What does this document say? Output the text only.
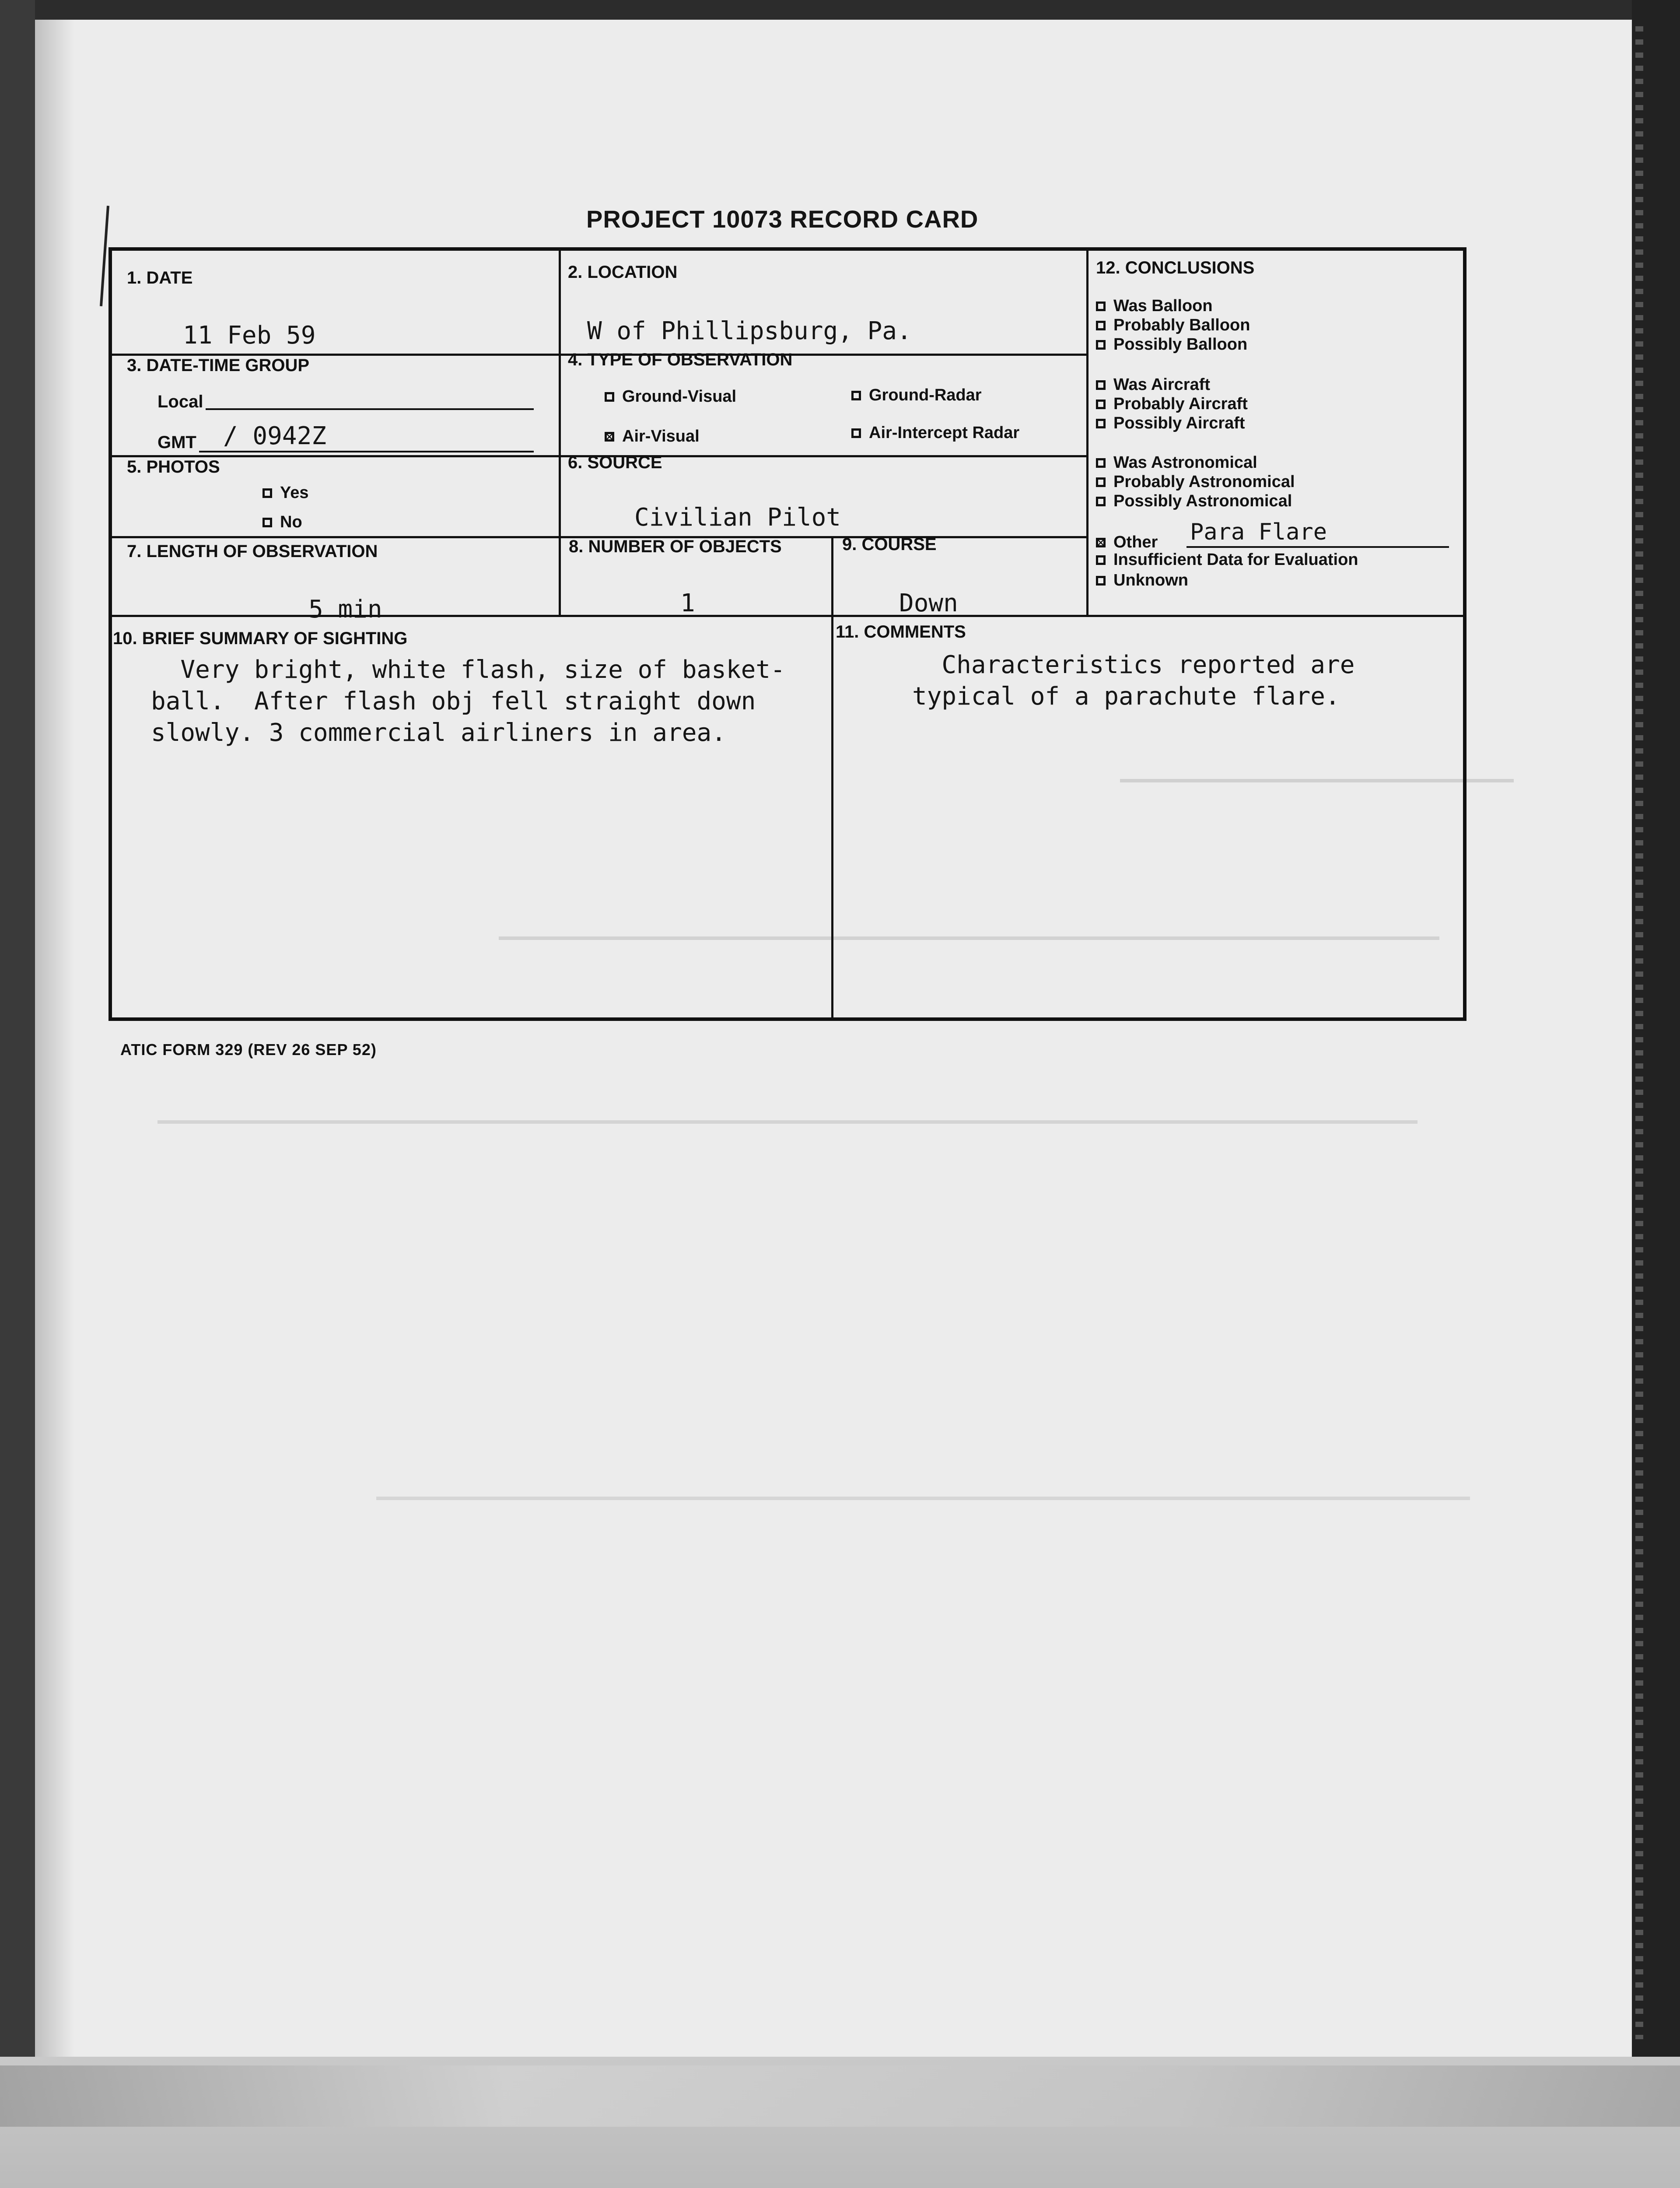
PROJECT 10073 RECORD CARD
1. DATE
11 Feb 59
2. LOCATION
W of Phillipsburg, Pa.
3. DATE-TIME GROUP
Local
GMT / 0942Z
4. TYPE OF OBSERVATION
Ground-Visual	Ground-Radar
Air-Visual	Air-Intercept Radar
5. PHOTOS
Yes
No
6. SOURCE
Civilian Pilot
7. LENGTH OF OBSERVATION
5 min
8. NUMBER OF OBJECTS
1
9. COURSE
Down
10. BRIEF SUMMARY OF SIGHTING
Very bright, white flash, size of basket-
ball.  After flash obj fell straight down
slowly. 3 commercial airliners in area.
11. COMMENTS
Characteristics reported are
typical of a parachute flare.
12. CONCLUSIONS
Was Balloon
Probably Balloon
Possibly Balloon
Was Aircraft
Probably Aircraft
Possibly Aircraft
Was Astronomical
Probably Astronomical
Possibly Astronomical
Other Para Flare
Insufficient Data for Evaluation
Unknown
ATIC FORM 329 (REV 26 SEP 52)
